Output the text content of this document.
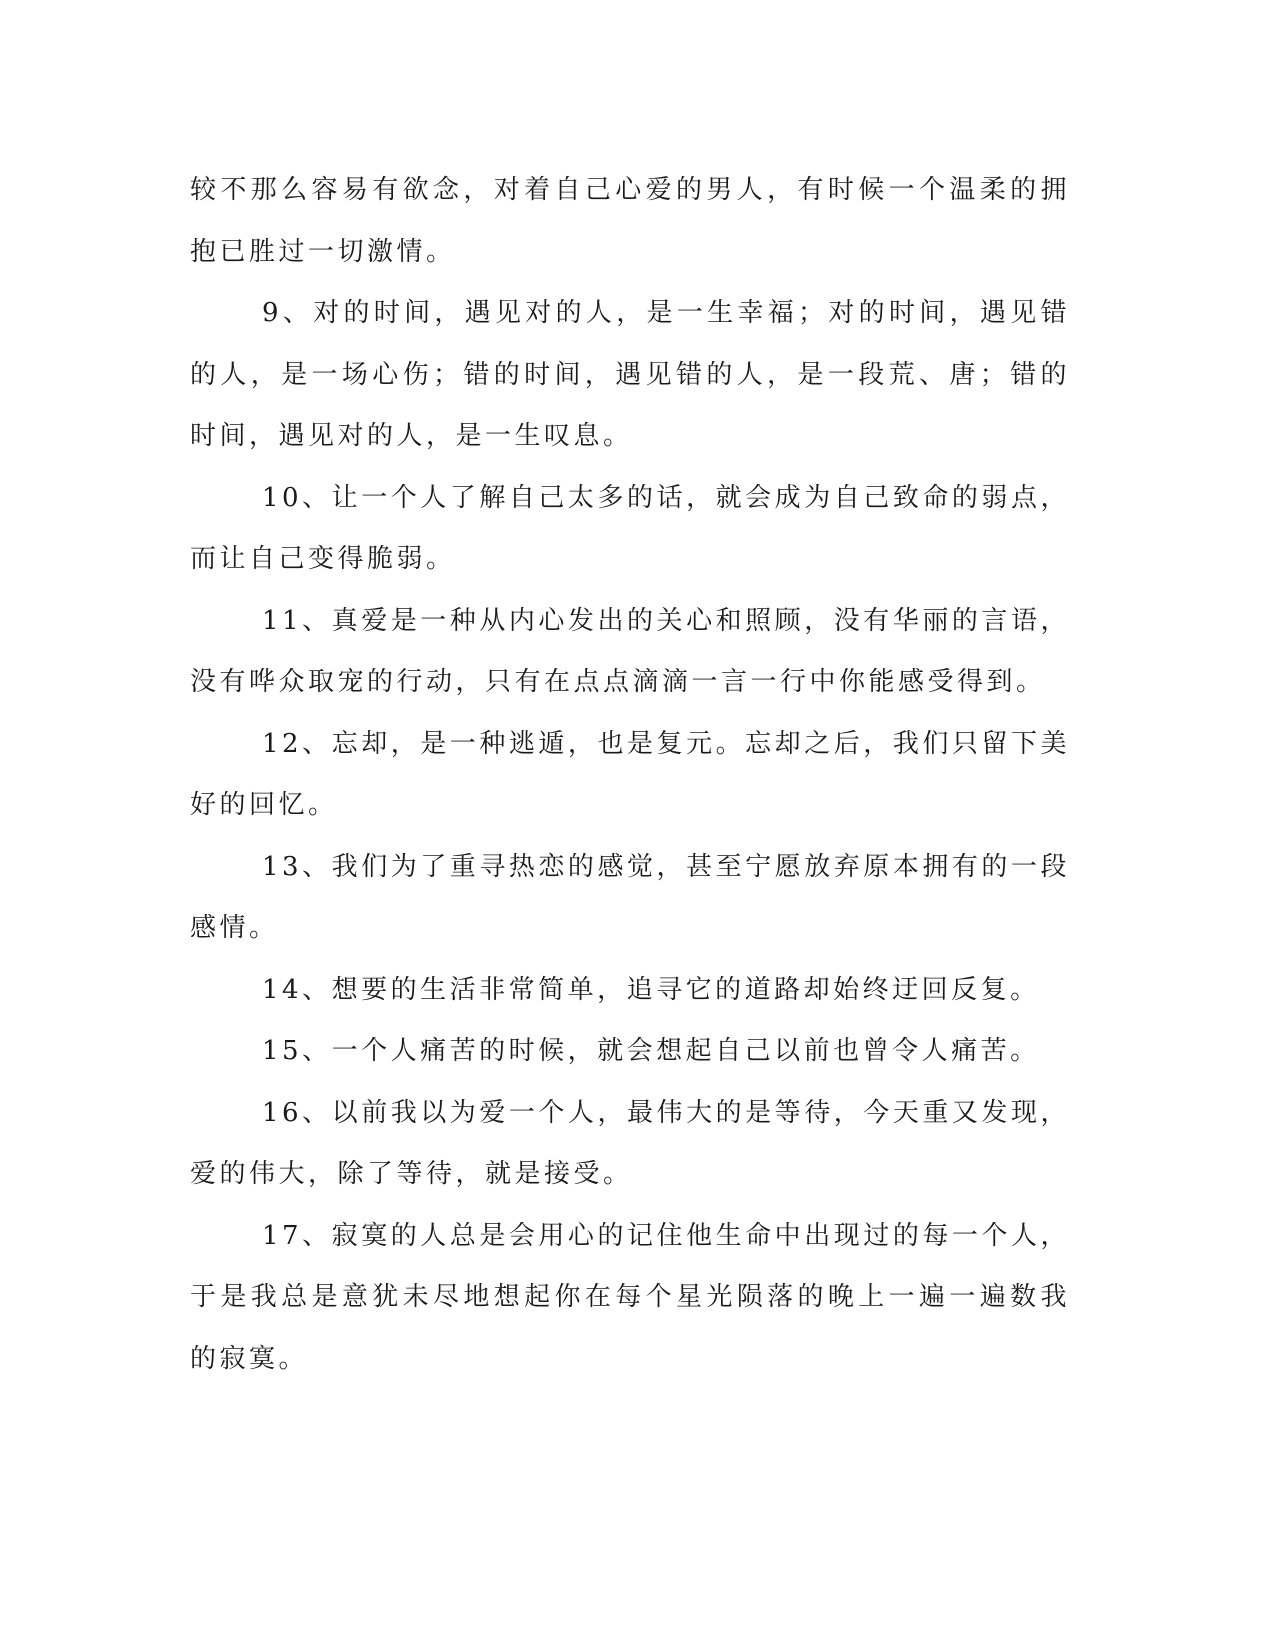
较不那么容易有欲念，对着自己心爱的男人，有时候一个温柔的拥抱已胜过一切激情。

9、对的时间，遇见对的人，是一生幸福；对的时间，遇见错的人，是一场心伤；错的时间，遇见错的人，是一段荒、唐；错的时间，遇见对的人，是一生叹息。

10、让一个人了解自己太多的话，就会成为自己致命的弱点，而让自己变得脆弱。

11、真爱是一种从内心发出的关心和照顾，没有华丽的言语，没有哗众取宠的行动，只有在点点滴滴一言一行中你能感受得到。

12、忘却，是一种逃遁，也是复元。忘却之后，我们只留下美好的回忆。

13、我们为了重寻热恋的感觉，甚至宁愿放弃原本拥有的一段感情。

14、想要的生活非常简单，追寻它的道路却始终迂回反复。

15、一个人痛苦的时候，就会想起自己以前也曾令人痛苦。

16、以前我以为爱一个人，最伟大的是等待，今天重又发现，爱的伟大，除了等待，就是接受。

17、寂寞的人总是会用心的记住他生命中出现过的每一个人，于是我总是意犹未尽地想起你在每个星光陨落的晚上一遍一遍数我的寂寞。
